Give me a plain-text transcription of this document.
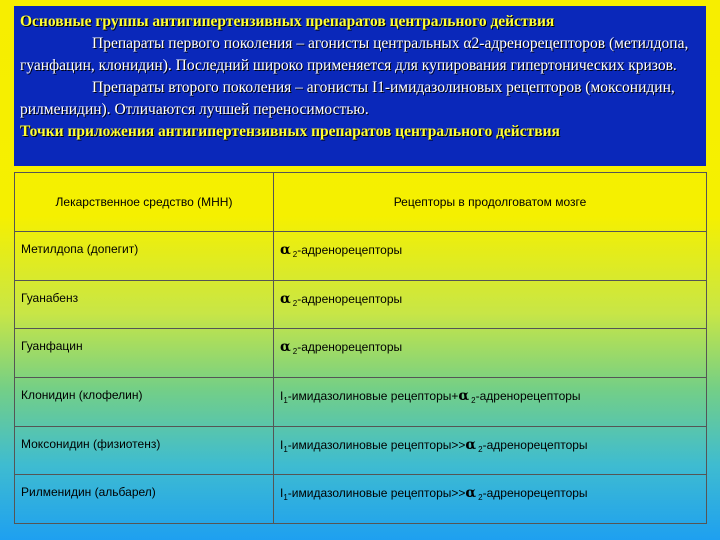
Основные группы антигипертензивных препаратов центрального действия
Препараты первого поколения – агонисты центральных α2-адренорецепторов (метилдопа, гуанфацин, клонидин). Последний широко применяется для купирования гипертонических кризов.
Препараты второго поколения – агонисты I1-имидазолиновых рецепторов (моксонидин, рилменидин). Отличаются лучшей переносимостью.
Точки приложения антигипертензивных препаратов центрального действия
Лекарственное средство (МНН)	Рецепторы в продолговатом мозге
Метилдопа (допегит)	α $_2$-адренорецепторы
Гуанабенз	α $_2$-адренорецепторы
Гуанфацин	α $_2$-адренорецепторы
Клонидин (клофелин)	$I_1$-имидазолиновые рецепторы+α $_2$-адренорецепторы
Моксонидин (физиотенз)	$I_1$-имидазолиновые рецепторы>>α $_2$-адренорецепторы
Рилменидин (альбарел)	$I_1$-имидазолиновые рецепторы>>α $_2$-адренорецепторы
